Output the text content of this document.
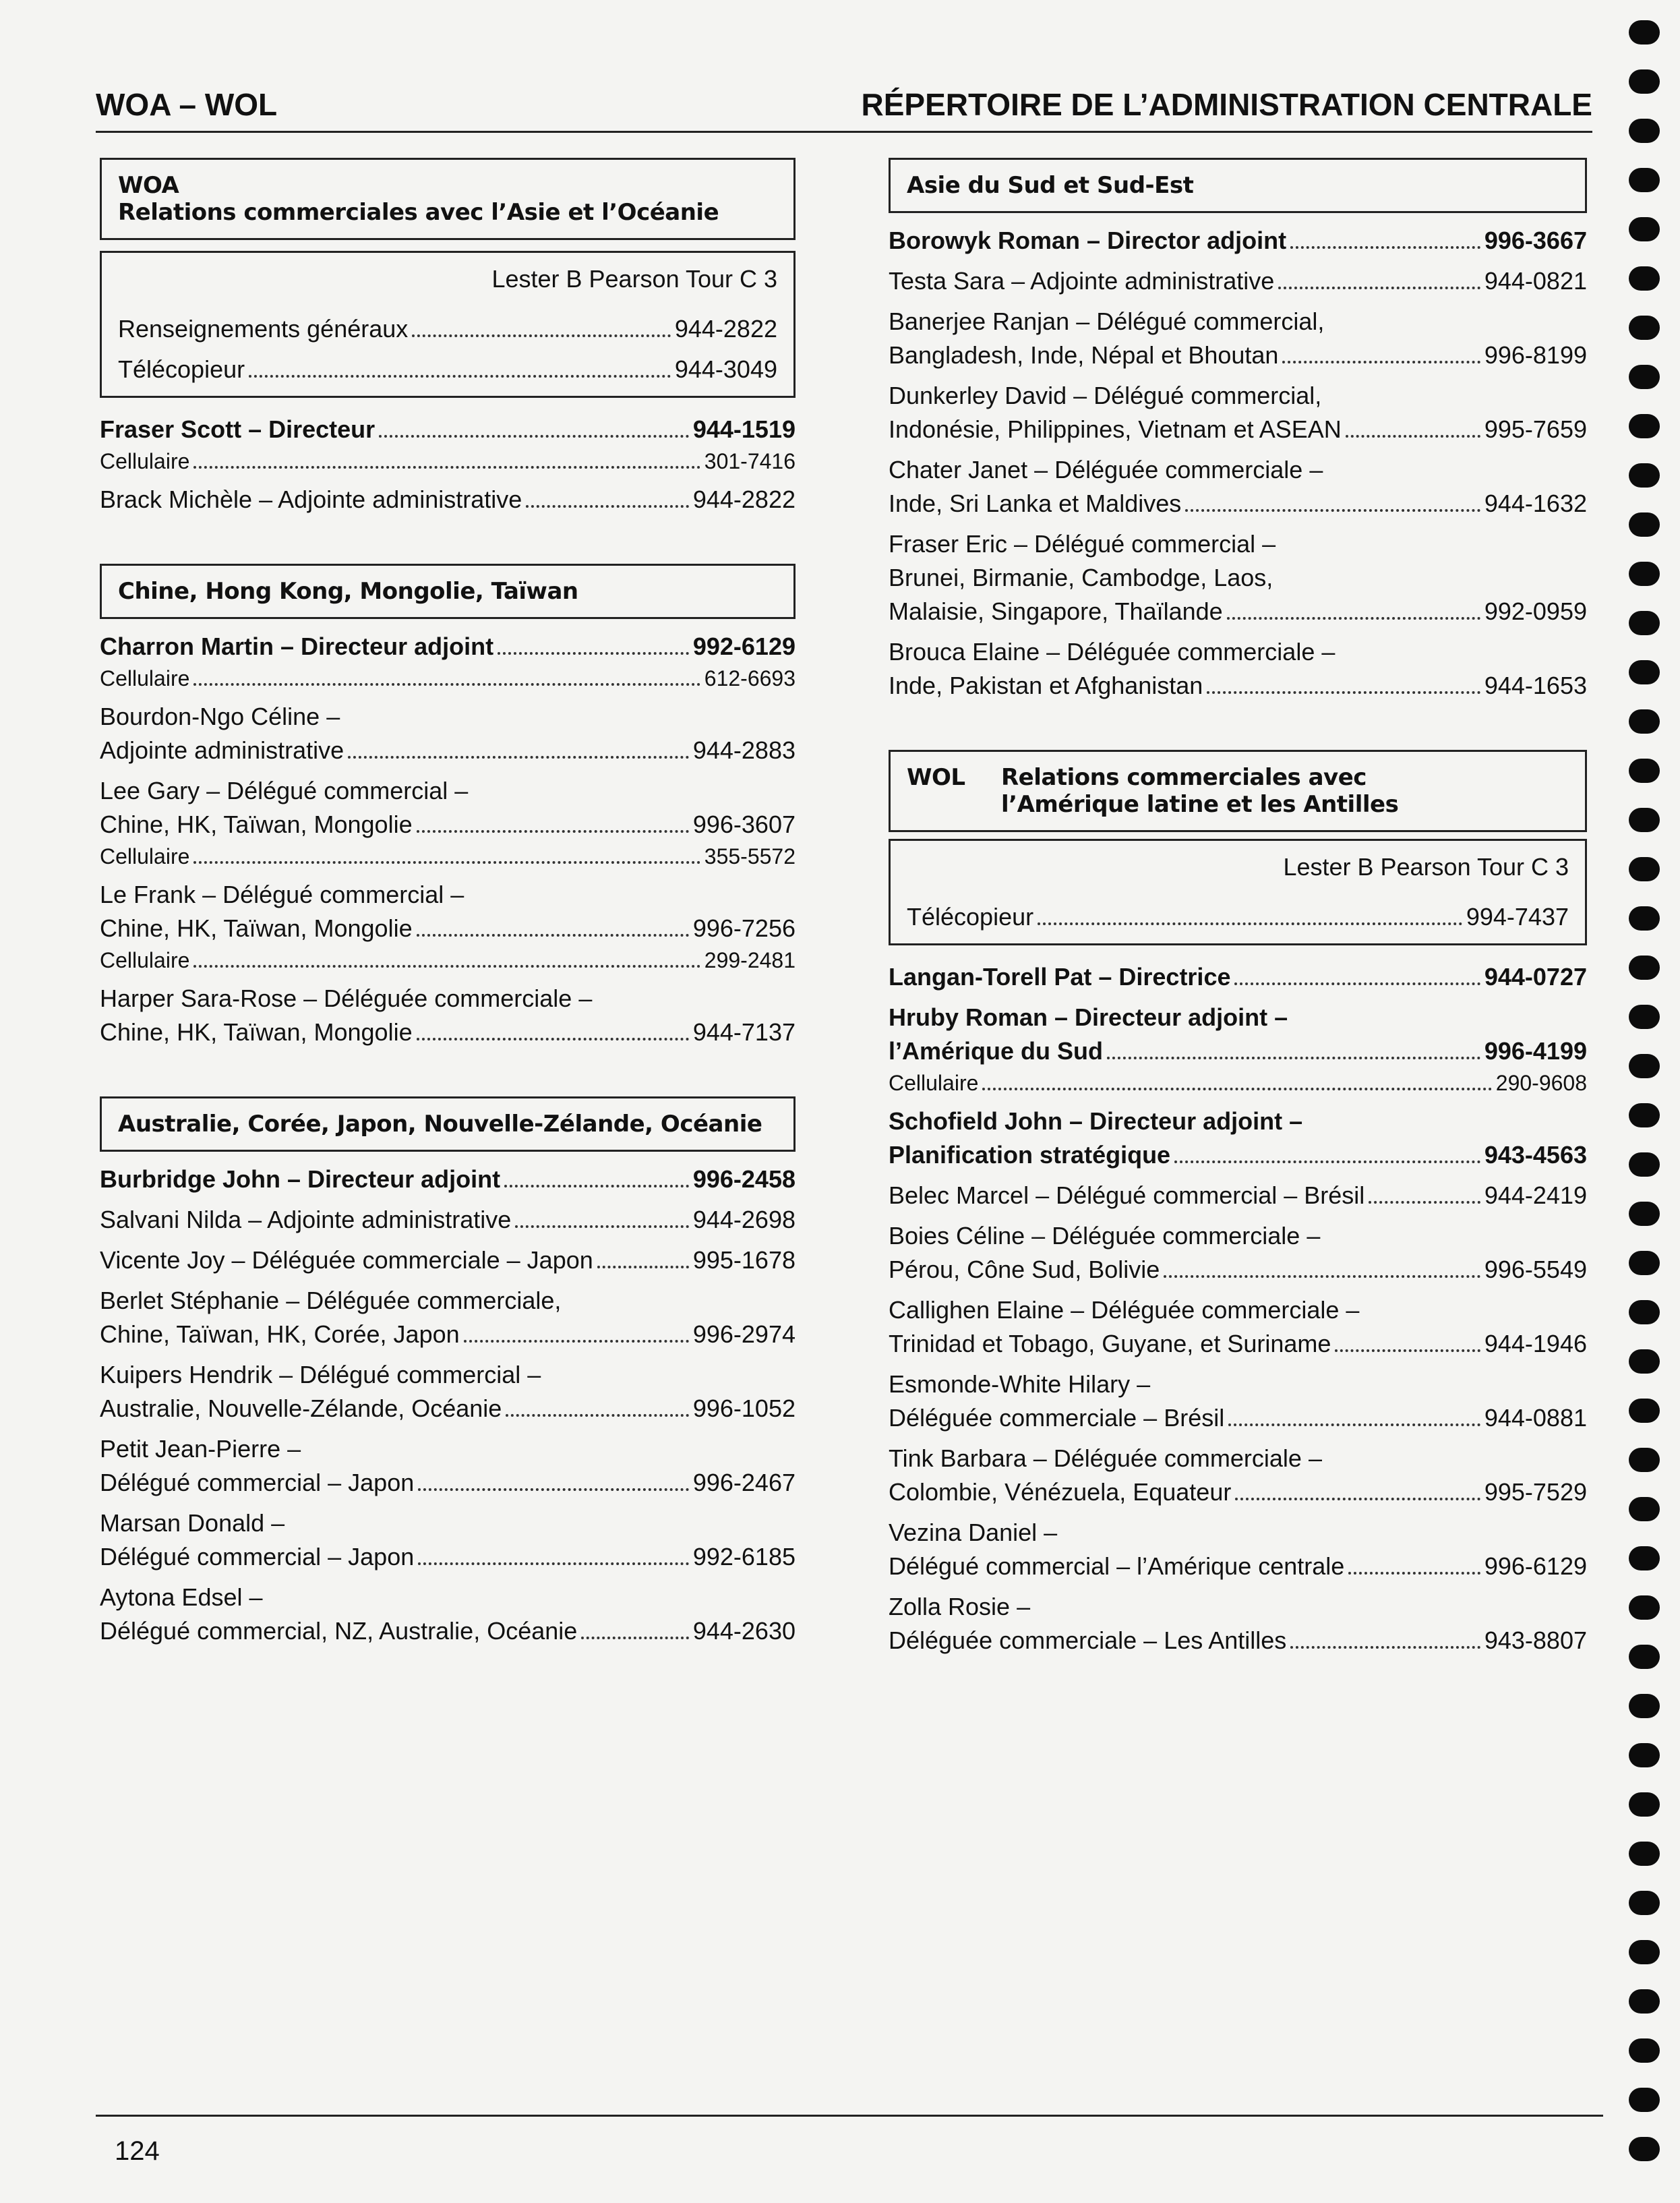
WOA – WOL	RÉPERTOIRE DE L’ADMINISTRATION CENTRALE
WOARelations commerciales avec l’Asie et l’Océanie
Lester B Pearson Tour C 3
Renseignements généraux	944-2822
Télécopieur	944-3049
Fraser Scott – Directeur	944-1519
Cellulaire	301-7416
Brack Michèle – Adjointe administrative	944-2822
Chine, Hong Kong, Mongolie, Taïwan
Charron Martin – Directeur adjoint	992-6129
Cellulaire	612-6693
Bourdon-Ngo Céline –
Adjointe administrative	944-2883
Lee Gary – Délégué commercial –
Chine, HK, Taïwan, Mongolie	996-3607
Cellulaire	355-5572
Le Frank – Délégué commercial –
Chine, HK, Taïwan, Mongolie	996-7256
Cellulaire	299-2481
Harper Sara-Rose – Déléguée commerciale –
Chine, HK, Taïwan, Mongolie	944-7137
Australie, Corée, Japon, Nouvelle-Zélande, Océanie
Burbridge John – Directeur adjoint	996-2458
Salvani Nilda – Adjointe administrative	944-2698
Vicente Joy – Déléguée commerciale – Japon	995-1678
Berlet Stéphanie – Déléguée commerciale,
Chine, Taïwan, HK, Corée, Japon	996-2974
Kuipers Hendrik – Délégué commercial –
Australie, Nouvelle-Zélande, Océanie	996-1052
Petit Jean-Pierre –
Délégué commercial – Japon	996-2467
Marsan Donald –
Délégué commercial – Japon	992-6185
Aytona Edsel –
Délégué commercial, NZ, Australie, Océanie	944-2630
Asie du Sud et Sud-Est
Borowyk Roman – Director adjoint	996-3667
Testa Sara – Adjointe administrative	944-0821
Banerjee Ranjan – Délégué commercial,
Bangladesh, Inde, Népal et Bhoutan	996-8199
Dunkerley David – Délégué commercial,
Indonésie, Philippines, Vietnam et ASEAN	995-7659
Chater Janet – Déléguée commerciale –
Inde, Sri Lanka et Maldives	944-1632
Fraser Eric – Délégué commercial –
Brunei, Birmanie, Cambodge, Laos,
Malaisie, Singapore, Thaïlande	992-0959
Brouca Elaine – Déléguée commerciale –
Inde, Pakistan et Afghanistan	944-1653
WOL Relations commerciales avec
l’Amérique latine et les Antilles
Lester B Pearson Tour C 3
Télécopieur	994-7437
Langan-Torell Pat – Directrice	944-0727
Hruby Roman – Directeur adjoint –
l’Amérique du Sud	996-4199
Cellulaire	290-9608
Schofield John – Directeur adjoint –
Planification stratégique	943-4563
Belec Marcel – Délégué commercial – Brésil	944-2419
Boies Céline – Déléguée commerciale –
Pérou, Cône Sud, Bolivie	996-5549
Callighen Elaine – Déléguée commerciale –
Trinidad et Tobago, Guyane, et Suriname	944-1946
Esmonde-White Hilary –
Déléguée commerciale – Brésil	944-0881
Tink Barbara – Déléguée commerciale –
Colombie, Vénézuela, Equateur	995-7529
Vezina Daniel –
Délégué commercial – l’Amérique centrale	996-6129
Zolla Rosie –
Déléguée commerciale – Les Antilles	943-8807
124
